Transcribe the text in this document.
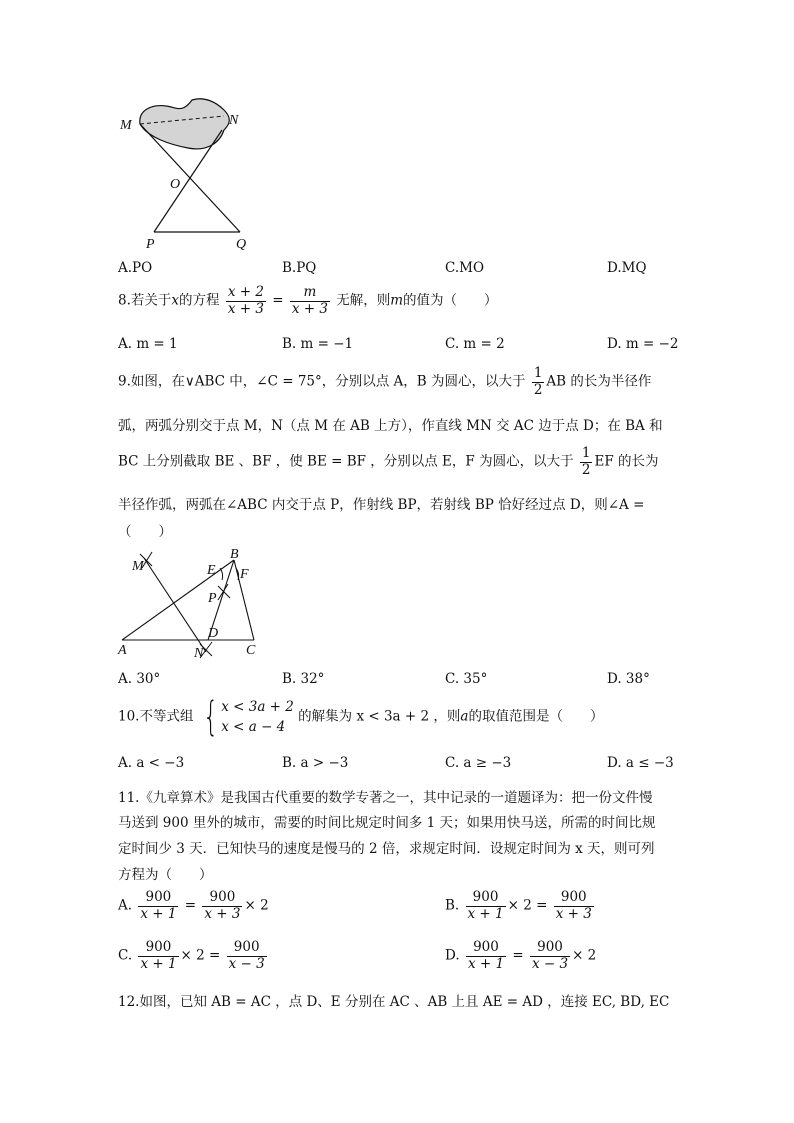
M	N
O
P	Q
A.PO	B.PQ	C.MO	D.MQ
8.若关于x的方程 $\frac{x + 2}{x + 3} = \frac{m}{x + 3}$ 无解，则m的值为（　　）
A. m = 1	B. m = −1	C. m = 2	D. m = −2
9.如图，在∨ABC 中，∠C = 75°，分别以点 A，B 为圆心，以大于 $\frac{1}{2}$ AB 的长为半径作
弧，两弧分别交于点 M，N（点 M 在 AB 上方），作直线 MN 交 AC 边于点 D；在 BA 和
BC 上分别截取 BE 、BF ，使 BE = BF ，分别以点 E，F 为圆心，以大于 $\frac{1}{2}$ EF 的长为
半径作弧，两弧在∠ABC 内交于点 P，作射线 BP，若射线 BP 恰好经过点 D，则∠A =
（　　）
M
B
E F
P
A
D
N	C
A. 30°	B. 32°	C. 35°	D. 38°
10.不等式组 { x < 3a + 2
x < a − 4
的解集为 x < 3a + 2 ，则a的取值范围是（　　）
A. a < −3	B. a > −3	C. a ≥ −3	D. a ≤ −3
11.《九章算术》是我国古代重要的数学专著之一，其中记录的一道题译为：把一份文件慢
马送到 900 里外的城市，需要的时间比规定时间多 1 天；如果用快马送，所需的时间比规
定时间少 3 天．已知快马的速度是慢马的 2 倍，求规定时间．设规定时间为 x 天，则可列
方程为（　　）
A. $\frac{900}{x + 1} = \frac{900}{x + 3} \times 2$	B. $\frac{900}{x + 1} \times 2 = \frac{900}{x + 3}$
C. $\frac{900}{x + 1} \times 2 = \frac{900}{x - 3}$	D. $\frac{900}{x + 1} = \frac{900}{x - 3} \times 2$
12.如图，已知 AB = AC ，点 D、E 分别在 AC 、AB 上且 AE = AD ，连接 EC, BD, EC
